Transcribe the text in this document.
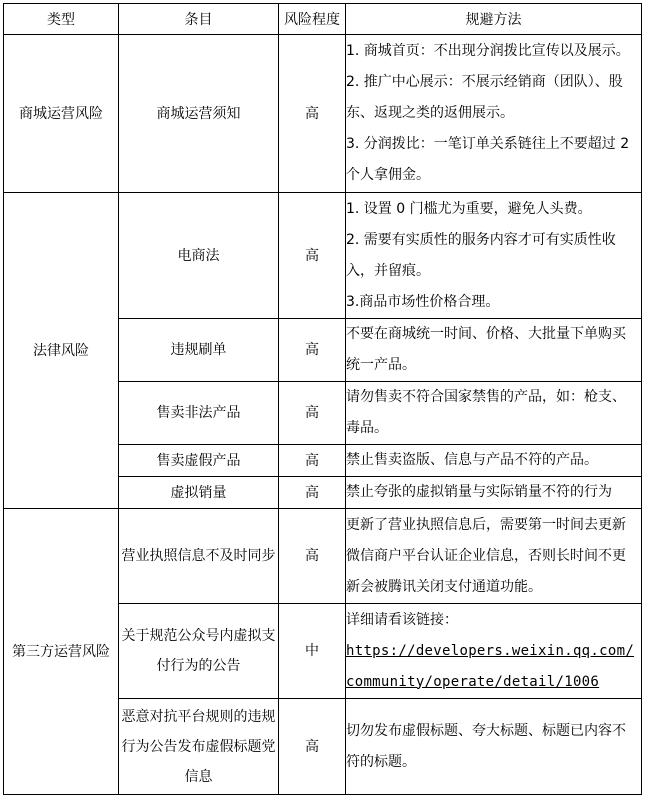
类型	条目	风险程度	规避方法
商城运营风险	商城运营须知	高	1. 商城首页：不出现分润拨比宣传以及展示。
2. 推广中心展示：不展示经销商（团队）、股
东、返现之类的返佣展示。
3. 分润拨比：一笔订单关系链往上不要超过 2
个人拿佣金。

法律风险	电商法	高	1. 设置 0 门槛尤为重要，避免人头费。
2. 需要有实质性的服务内容才可有实质性收
入，并留痕。
3.商品市场性价格合理。

	违规刷单	高	不要在商城统一时间、价格、大批量下单购买
统一产品。

	售卖非法产品	高	请勿售卖不符合国家禁售的产品，如：枪支、
毒品。

	售卖虚假产品	高	禁止售卖盗版、信息与产品不符的产品。

	虚拟销量	高	禁止夸张的虚拟销量与实际销量不符的行为

第三方运营风险	营业执照信息不及时同步	高	更新了营业执照信息后，需要第一时间去更新
微信商户平台认证企业信息，否则长时间不更
新会被腾讯关闭支付通道功能。

	关于规范公众号内虚拟支付行为的公告	中	详细请看该链接：
https://developers.weixin.qq.com/
community/operate/detail/1006

	恶意对抗平台规则的违规行为公告发布虚假标题党信息	高	切勿发布虚假标题、夸大标题、标题已内容不
符的标题。
